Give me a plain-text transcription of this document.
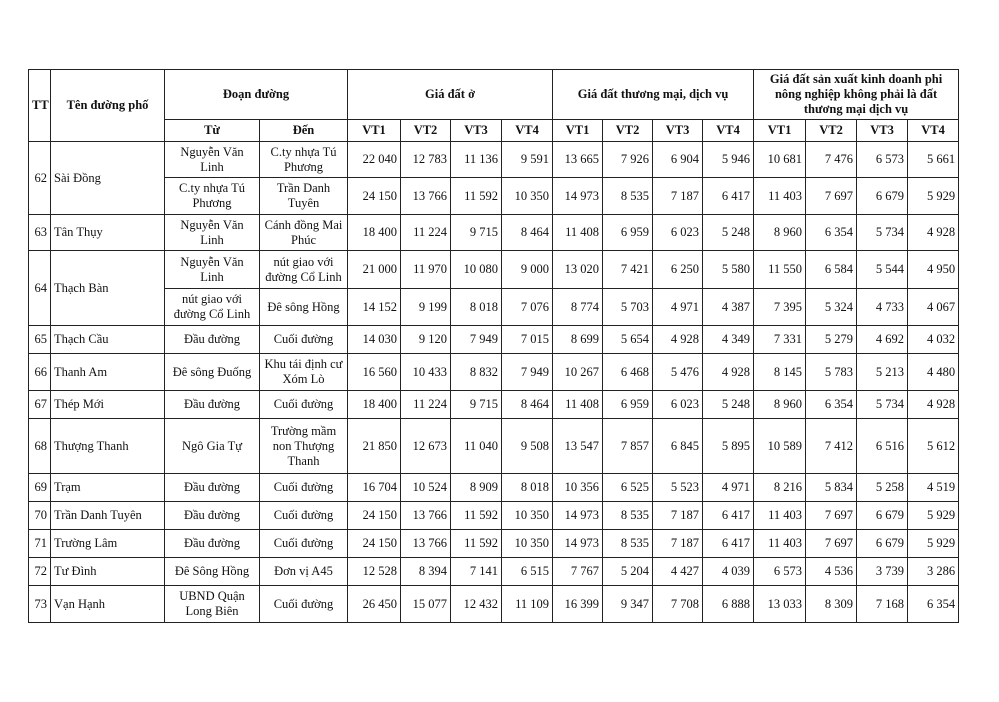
TT	Tên đường phố	Đoạn đường		Giá đất ở				Giá đất thương mại, dịch vụ				Giá đất sản xuất kinh doanh phi nông nghiệp không phải là đất thương mại dịch vụ			
		Từ	Đến	VT1	VT2	VT3	VT4	VT1	VT2	VT3	VT4	VT1	VT2	VT3	VT4
62	Sài Đồng	Nguyễn Văn Linh	C.ty nhựa Tú Phương	22 040	12 783	11 136	9 591	13 665	7 926	6 904	5 946	10 681	7 476	6 573	5 661
		C.ty nhựa Tú Phương	Trần Danh Tuyên	24 150	13 766	11 592	10 350	14 973	8 535	7 187	6 417	11 403	7 697	6 679	5 929
63	Tân Thụy	Nguyễn Văn Linh	Cánh đồng Mai Phúc	18 400	11 224	9 715	8 464	11 408	6 959	6 023	5 248	8 960	6 354	5 734	4 928
64	Thạch Bàn	Nguyễn Văn Linh	nút giao với đường Cổ Linh	21 000	11 970	10 080	9 000	13 020	7 421	6 250	5 580	11 550	6 584	5 544	4 950
		nút giao với đường Cổ Linh	Đê sông Hồng	14 152	9 199	8 018	7 076	8 774	5 703	4 971	4 387	7 395	5 324	4 733	4 067
65	Thạch Cầu	Đầu đường	Cuối đường	14 030	9 120	7 949	7 015	8 699	5 654	4 928	4 349	7 331	5 279	4 692	4 032
66	Thanh Am	Đê sông Đuống	Khu tái định cư Xóm Lò	16 560	10 433	8 832	7 949	10 267	6 468	5 476	4 928	8 145	5 783	5 213	4 480
67	Thép Mới	Đầu đường	Cuối đường	18 400	11 224	9 715	8 464	11 408	6 959	6 023	5 248	8 960	6 354	5 734	4 928
68	Thượng Thanh	Ngô Gia Tự	Trường mầm non Thượng Thanh	21 850	12 673	11 040	9 508	13 547	7 857	6 845	5 895	10 589	7 412	6 516	5 612
69	Trạm	Đầu đường	Cuối đường	16 704	10 524	8 909	8 018	10 356	6 525	5 523	4 971	8 216	5 834	5 258	4 519
70	Trần Danh Tuyên	Đầu đường	Cuối đường	24 150	13 766	11 592	10 350	14 973	8 535	7 187	6 417	11 403	7 697	6 679	5 929
71	Trường Lâm	Đầu đường	Cuối đường	24 150	13 766	11 592	10 350	14 973	8 535	7 187	6 417	11 403	7 697	6 679	5 929
72	Tư Đình	Đê Sông Hồng	Đơn vị A45	12 528	8 394	7 141	6 515	7 767	5 204	4 427	4 039	6 573	4 536	3 739	3 286
73	Vạn Hạnh	UBND Quận Long Biên	Cuối đường	26 450	15 077	12 432	11 109	16 399	9 347	7 708	6 888	13 033	8 309	7 168	6 354
